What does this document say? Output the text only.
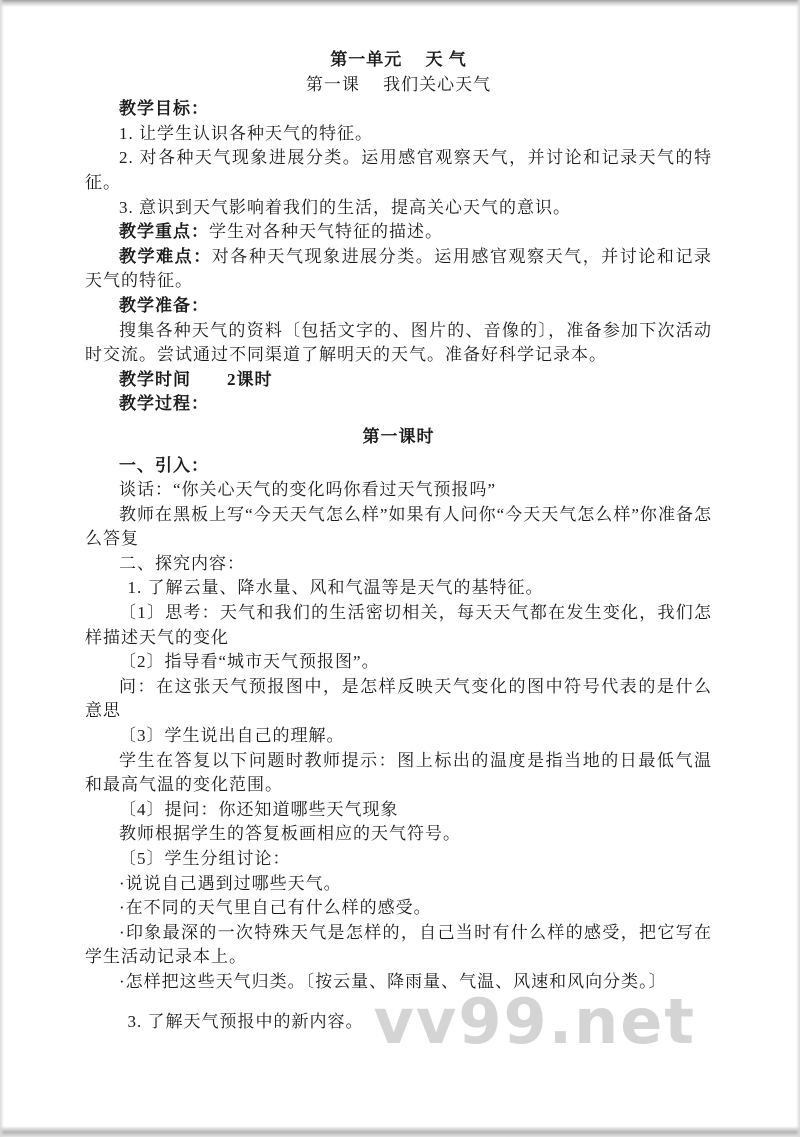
vv99.net

第一单元　 天 气

第一课　 我们关心天气

教学目标：

1. 让学生认识各种天气的特征。

2. 对各种天气现象进展分类。运用感官观察天气，并讨论和记录天气的特征。

3. 意识到天气影响着我们的生活，提高关心天气的意识。

教学重点：学生对各种天气特征的描述。

教学难点：对各种天气现象进展分类。运用感官观察天气，并讨论和记录天气的特征。

教学准备：

搜集各种天气的资料〔包括文字的、图片的、音像的〕，准备参加下次活动时交流。尝试通过不同渠道了解明天的天气。准备好科学记录本。

教学时间　　2课时

教学过程：

第一课时

一、引入：

谈话：“你关心天气的变化吗你看过天气预报吗”

教师在黑板上写“今天天气怎么样”如果有人问你“今天天气怎么样”你准备怎么答复

二、探究内容：

1. 了解云量、降水量、风和气温等是天气的基特征。

〔1〕思考：天气和我们的生活密切相关，每天天气都在发生变化，我们怎样描述天气的变化

〔2〕指导看“城市天气预报图”。

问：在这张天气预报图中，是怎样反映天气变化的图中符号代表的是什么意思

〔3〕学生说出自己的理解。

学生在答复以下问题时教师提示：图上标出的温度是指当地的日最低气温和最高气温的变化范围。

〔4〕提问：你还知道哪些天气现象

教师根据学生的答复板画相应的天气符号。

〔5〕学生分组讨论：

·说说自己遇到过哪些天气。

·在不同的天气里自己有什么样的感受。

·印象最深的一次特殊天气是怎样的，自己当时有什么样的感受，把它写在学生活动记录本上。

·怎样把这些天气归类。〔按云量、降雨量、气温、风速和风向分类。〕

3. 了解天气预报中的新内容。
